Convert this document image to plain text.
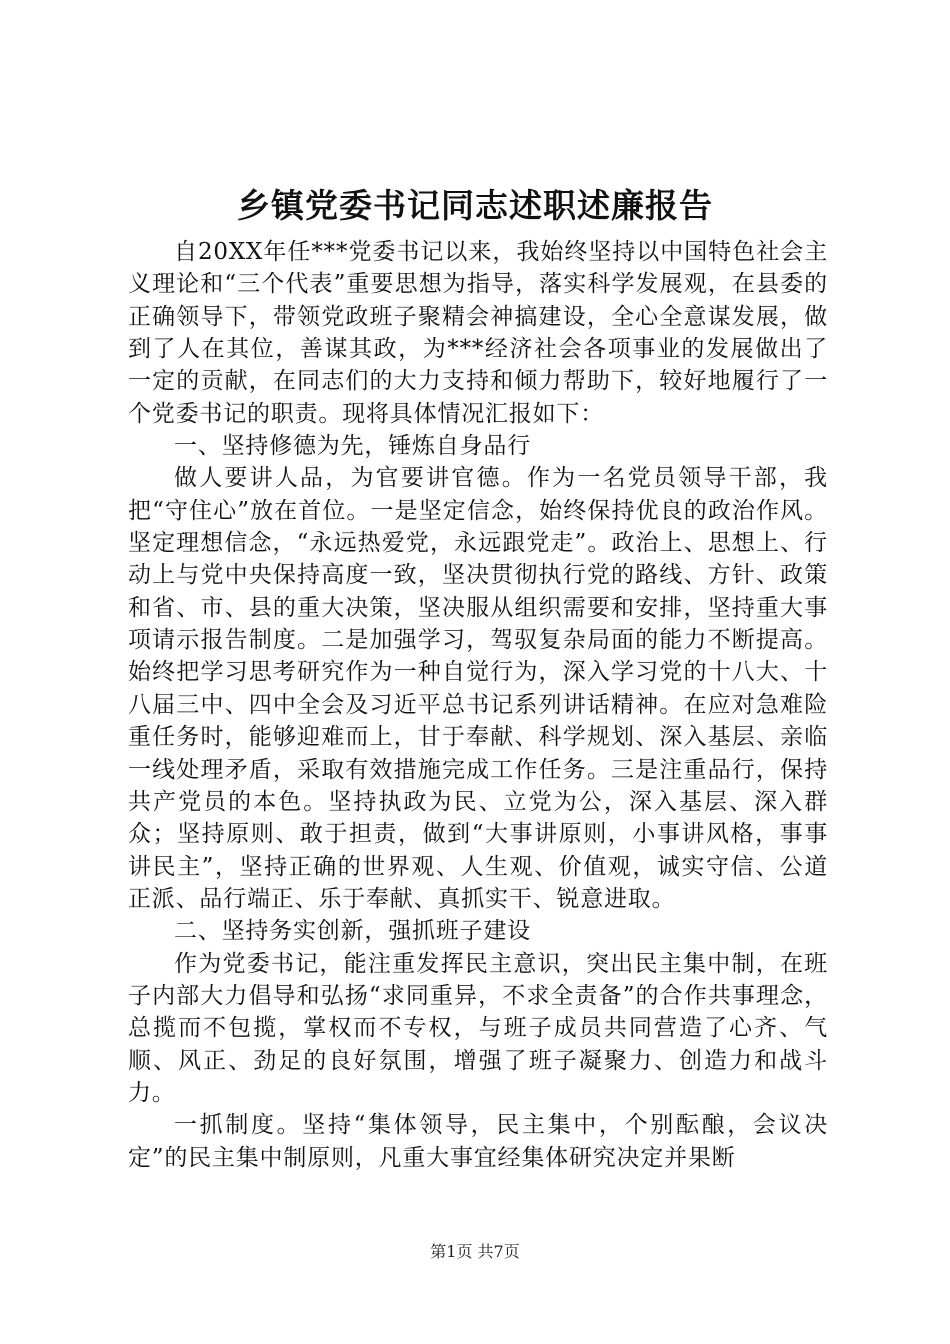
乡镇党委书记同志述职述廉报告

自20XX年任***党委书记以来，我始终坚持以中国特色社会主义理论和“三个代表”重要思想为指导，落实科学发展观，在县委的正确领导下，带领党政班子聚精会神搞建设，全心全意谋发展，做到了人在其位，善谋其政，为***经济社会各项事业的发展做出了一定的贡献，在同志们的大力支持和倾力帮助下，较好地履行了一个党委书记的职责。现将具体情况汇报如下：

一、坚持修德为先，锤炼自身品行

做人要讲人品，为官要讲官德。作为一名党员领导干部，我把“守住心”放在首位。一是坚定信念，始终保持优良的政治作风。坚定理想信念，“永远热爱党，永远跟党走”。政治上、思想上、行动上与党中央保持高度一致，坚决贯彻执行党的路线、方针、政策和省、市、县的重大决策，坚决服从组织需要和安排，坚持重大事项请示报告制度。二是加强学习，驾驭复杂局面的能力不断提高。始终把学习思考研究作为一种自觉行为，深入学习党的十八大、十八届三中、四中全会及习近平总书记系列讲话精神。在应对急难险重任务时，能够迎难而上，甘于奉献、科学规划、深入基层、亲临一线处理矛盾，采取有效措施完成工作任务。三是注重品行，保持共产党员的本色。坚持执政为民、立党为公，深入基层、深入群众；坚持原则、敢于担责，做到“大事讲原则，小事讲风格，事事讲民主”，坚持正确的世界观、人生观、价值观，诚实守信、公道正派、品行端正、乐于奉献、真抓实干、锐意进取。

二、坚持务实创新，强抓班子建设

作为党委书记，能注重发挥民主意识，突出民主集中制，在班子内部大力倡导和弘扬“求同重异，不求全责备”的合作共事理念，总揽而不包揽，掌权而不专权，与班子成员共同营造了心齐、气顺、风正、劲足的良好氛围，增强了班子凝聚力、创造力和战斗力。

一抓制度。坚持“集体领导，民主集中，个别酝酿，会议决定”的民主集中制原则，凡重大事宜经集体研究决定并果断

第1页 共7页
